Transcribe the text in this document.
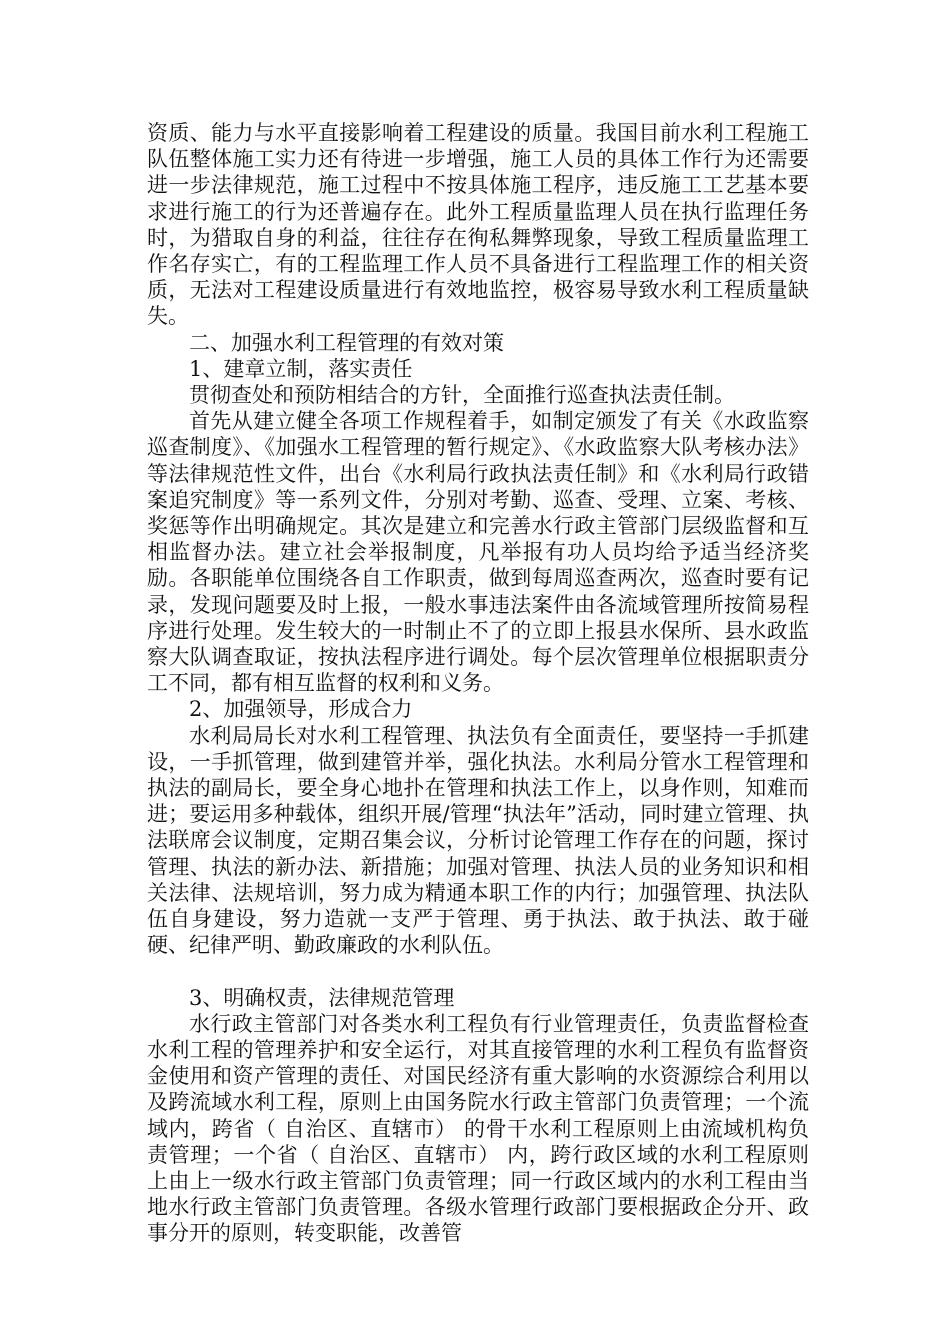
资质、能力与水平直接影响着工程建设的质量。我国目前水利工程施工队伍整体施工实力还有待进一步增强，施工人员的具体工作行为还需要进一步法律规范，施工过程中不按具体施工程序，违反施工工艺基本要求进行施工的行为还普遍存在。此外工程质量监理人员在执行监理任务时，为猎取自身的利益，往往存在徇私舞弊现象，导致工程质量监理工作名存实亡，有的工程监理工作人员不具备进行工程监理工作的相关资质，无法对工程建设质量进行有效地监控，极容易导致水利工程质量缺失。

二、加强水利工程管理的有效对策

1、建章立制，落实责任

贯彻查处和预防相结合的方针，全面推行巡查执法责任制。

首先从建立健全各项工作规程着手，如制定颁发了有关《水政监察巡查制度》、《加强水工程管理的暂行规定》、《水政监察大队考核办法》等法律规范性文件，出台《水利局行政执法责任制》和《水利局行政错案追究制度》等一系列文件，分别对考勤、巡查、受理、立案、考核、奖惩等作出明确规定。其次是建立和完善水行政主管部门层级监督和互相监督办法。建立社会举报制度，凡举报有功人员均给予适当经济奖励。各职能单位围绕各自工作职责，做到每周巡查两次，巡查时要有记录，发现问题要及时上报，一般水事违法案件由各流域管理所按简易程序进行处理。发生较大的一时制止不了的立即上报县水保所、县水政监察大队调查取证，按执法程序进行调处。每个层次管理单位根据职责分工不同，都有相互监督的权利和义务。

2、加强领导，形成合力

水利局局长对水利工程管理、执法负有全面责任，要坚持一手抓建设，一手抓管理，做到建管并举，强化执法。水利局分管水工程管理和执法的副局长，要全身心地扑在管理和执法工作上，以身作则，知难而进；要运用多种载体，组织开展/管理“执法年”活动，同时建立管理、执法联席会议制度，定期召集会议，分析讨论管理工作存在的问题，探讨管理、执法的新办法、新措施；加强对管理、执法人员的业务知识和相关法律、法规培训，努力成为精通本职工作的内行；加强管理、执法队伍自身建设，努力造就一支严于管理、勇于执法、敢于执法、敢于碰硬、纪律严明、勤政廉政的水利队伍。

3、明确权责，法律规范管理

水行政主管部门对各类水利工程负有行业管理责任，负责监督检查水利工程的管理养护和安全运行，对其直接管理的水利工程负有监督资金使用和资产管理的责任、对国民经济有重大影响的水资源综合利用以及跨流域水利工程，原则上由国务院水行政主管部门负责管理；一个流域内，跨省（ 自治区、直辖市） 的骨干水利工程原则上由流域机构负责管理；一个省（ 自治区、直辖市） 内，跨行政区域的水利工程原则上由上一级水行政主管部门负责管理；同一行政区域内的水利工程由当地水行政主管部门负责管理。各级水管理行政部门要根据政企分开、政事分开的原则，转变职能，改善管
